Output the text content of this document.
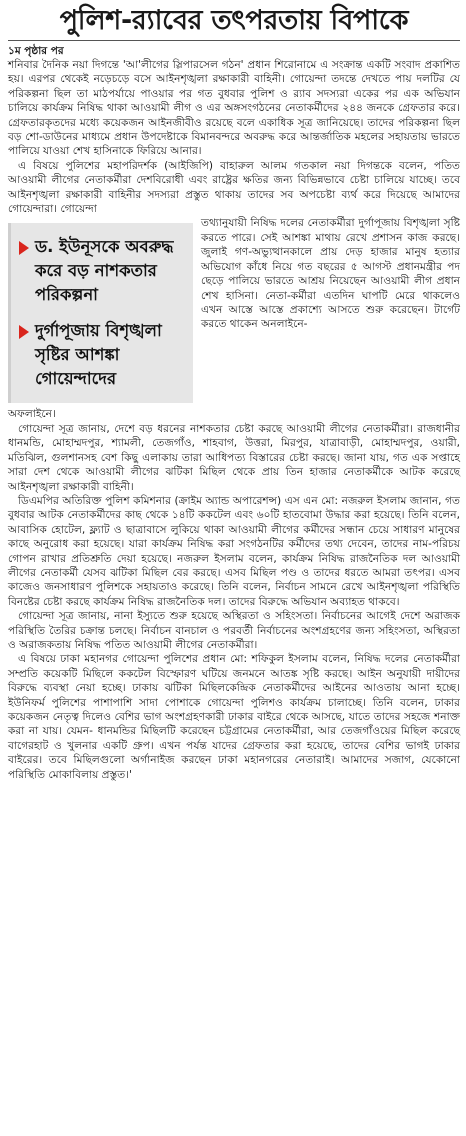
পুলিশ-র‍্যাবের তৎপরতায় বিপাকে
১ম পৃষ্ঠার পর

শনিবার দৈনিক নয়া দিগন্তে 'আ'লীগের স্লিপারসেল গঠন' প্রধান শিরোনামে এ সংক্রান্ত একটি সংবাদ প্রকাশিত হয়। এরপর থেকেই নড়েচড়ে বসে আইনশৃঙ্খলা রক্ষাকারী বাহিনী। গোয়েন্দা তদন্তে দেখতে পায় দলটির যে পরিকল্পনা ছিল তা মাঠপর্যায়ে পাওয়ার পর গত বুধবার পুলিশ ও র‍্যাব সদস্যরা একের পর এক অভিযান চালিয়ে কার্যক্রম নিষিদ্ধ থাকা আওয়ামী লীগ ও এর অঙ্গসংগঠনের নেতাকর্মীদের ২৪৪ জনকে গ্রেফতার করে। গ্রেফতারকৃতদের মধ্যে কয়েকজন আইনজীবীও রয়েছে বলে একাধিক সূত্র জানিয়েছে। তাদের পরিকল্পনা ছিল বড় শো-ডাউনের মাধ্যমে প্রধান উপদেষ্টাকে বিমানবন্দরে অবরুদ্ধ করে আন্তর্জাতিক মহলের সহায়তায় ভারতে পালিয়ে যাওয়া শেখ হাসিনাকে ফিরিয়ে আনার।

এ বিষয়ে পুলিশের মহাপরিদর্শক (আইজিপি) বাহারুল আলম গতকাল নয়া দিগন্তকে বলেন, পতিত আওয়ামী লীগের নেতাকর্মীরা দেশবিরোধী এবং রাষ্ট্রের ক্ষতির জন্য বিভিন্নভাবে চেষ্টা চালিয়ে যাচ্ছে। তবে আইনশৃঙ্খলা রক্ষাকারী বাহিনীর সদস্যরা প্রস্তুত থাকায় তাদের সব অপচেষ্টা ব্যর্থ করে দিয়েছে আমাদের গোয়েন্দারা। গোয়েন্দা

ড. ইউনূসকে অবরুদ্ধ করে বড় নাশকতার পরিকল্পনা
দুর্গাপূজায় বিশৃঙ্খলা সৃষ্টির আশঙ্কা গোয়েন্দাদের

তথ্যানুযায়ী নিষিদ্ধ দলের নেতাকর্মীরা দুর্গাপূজায় বিশৃঙ্খলা সৃষ্টি করতে পারে। সেই আশঙ্কা মাথায় রেখে প্রশাসন কাজ করছে। জুলাই গণ-অভ্যুত্থানকালে প্রায় দেড় হাজার মানুষ হত্যার অভিযোগ কাঁধে নিয়ে গত বছরের ৫ আগস্ট প্রধানমন্ত্রীর পদ ছেড়ে পালিয়ে ভারতে আশ্রয় নিয়েছেন আওয়ামী লীগ প্রধান শেখ হাসিনা। নেতা-কর্মীরা এতদিন ঘাপটি মেরে থাকলেও এখন আস্তে আস্তে প্রকাশ্যে আসতে শুরু করেছেন। টার্গেট করতে থাকেন অনলাইনে-

অফলাইনে।

গোয়েন্দা সূত্র জানায়, দেশে বড় ধরনের নাশকতার চেষ্টা করছে আওয়ামী লীগের নেতাকর্মীরা। রাজধানীর ধানমন্ডি, মোহাম্মদপুর, শ্যামলী, তেজগাঁও, শাহবাগ, উত্তরা, মিরপুর, যাত্রাবাড়ী, মোহাম্মদপুর, ওয়ারী, মতিঝিল, গুলশানসহ বেশ কিছু এলাকায় তারা আধিপত্য বিস্তারের চেষ্টা করছে। জানা যায়, গত এক সপ্তাহে সারা দেশ থেকে আওয়ামী লীগের ঝটিকা মিছিল থেকে প্রায় তিন হাজার নেতাকর্মীকে আটক করেছে আইনশৃঙ্খলা রক্ষাকারী বাহিনী।

ডিএমপির অতিরিক্ত পুলিশ কমিশনার (ক্রাইম অ্যান্ড অপারেশন্স) এস এন মো: নজরুল ইসলাম জানান, গত বুধবার আটক নেতাকর্মীদের কাছ থেকে ১৪টি ককটেল এবং ৬০টি হাতবোমা উদ্ধার করা হয়েছে। তিনি বলেন, আবাসিক হোটেল, ফ্ল্যাট ও ছাত্রাবাসে লুকিয়ে থাকা আওয়ামী লীগের কর্মীদের সন্ধান চেয়ে সাধারণ মানুষের কাছে অনুরোধ করা হয়েছে। যারা কার্যক্রম নিষিদ্ধ করা সংগঠনটির কর্মীদের তথ্য দেবেন, তাদের নাম-পরিচয় গোপন রাখার প্রতিশ্রুতি দেয়া হয়েছে। নজরুল ইসলাম বলেন, কার্যক্রম নিষিদ্ধ রাজনৈতিক দল আওয়ামী লীগের নেতাকর্মী যেসব ঝটিকা মিছিল বের করছে। এসব মিছিল পণ্ড ও তাদের ধরতে আমরা তৎপর। এসব কাজেও জনসাধারণ পুলিশকে সহায়তাও করেছে। তিনি বলেন, নির্বাচন সামনে রেখে আইনশৃঙ্খলা পরিস্থিতি বিনষ্টের চেষ্টা করছে কার্যক্রম নিষিদ্ধ রাজনৈতিক দল। তাদের বিরুদ্ধে অভিযান অব্যাহত থাকবে।

গোয়েন্দা সূত্র জানায়, নানা ইস্যুতে শুরু হয়েছে অস্থিরতা ও সহিংসতা। নির্বাচনের আগেই দেশে অরাজক পরিস্থিতি তৈরির চক্রান্ত চলছে। নির্বাচন বানচাল ও পরবর্তী নির্বাচনের অংশগ্রহণের জন্য সহিংসতা, অস্থিরতা ও অরাজকতায় নিষিদ্ধ পতিত আওয়ামী লীগের নেতাকর্মীরা।

এ বিষয়ে ঢাকা মহানগর গোয়েন্দা পুলিশের প্রধান মো: শফিকুল ইসলাম বলেন, নিষিদ্ধ দলের নেতাকর্মীরা সম্প্রতি কয়েকটি মিছিলে ককটেল বিস্ফোরণ ঘটিয়ে জনমনে আতঙ্ক সৃষ্টি করছে। আইন অনুযায়ী দায়ীদের বিরুদ্ধে ব্যবস্থা নেয়া হচ্ছে। ঢাকায় ঝটিকা মিছিলকেন্দ্রিক নেতাকর্মীদের আইনের আওতায় আনা হচ্ছে। ইউনিফর্ম পুলিশের পাশাপাশি সাদা পোশাকে গোয়েন্দা পুলিশও কার্যক্রম চালাচ্ছে। তিনি বলেন, ঢাকার কয়েকজন নেতৃত্ব দিলেও বেশির ভাগ অংশগ্রহণকারী ঢাকার বাইরে থেকে আসছে, যাতে তাদের সহজে শনাক্ত করা না যায়। যেমন- ধানমন্ডির মিছিলটি করেছেন চট্টগ্রামের নেতাকর্মীরা, আর তেজগাঁওয়ের মিছিল করেছে বাগেরহাট ও খুলনার একটি গ্রুপ। এখন পর্যন্ত যাদের গ্রেফতার করা হয়েছে, তাদের বেশির ভাগই ঢাকার বাইরের। তবে মিছিলগুলো অর্গানাইজ করছেন ঢাকা মহানগরের নেতারাই। আমাদের সজাগ, যেকোনো পরিস্থিতি মোকাবিলায় প্রস্তুত।'
